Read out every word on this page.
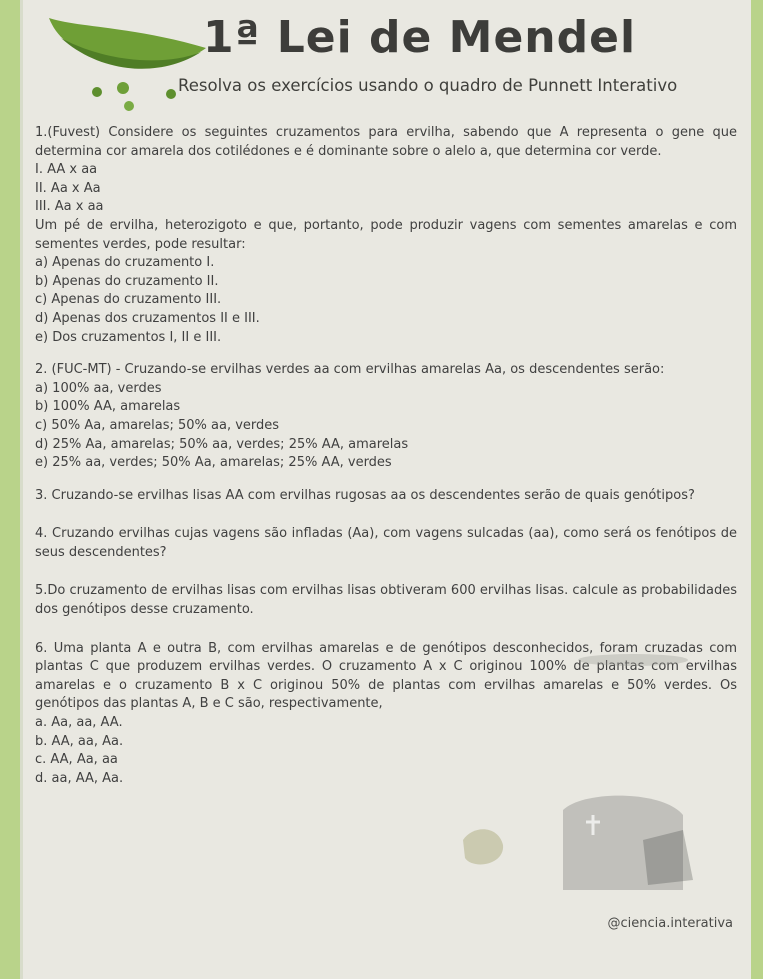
1ª Lei de Mendel
Resolva os exercícios usando o quadro de Punnett Interativo

1.(Fuvest) Considere os seguintes cruzamentos para ervilha, sabendo que A representa o gene que determina cor amarela dos cotilédones e é dominante sobre o alelo a, que determina cor verde.

I. AA x aa

II. Aa x Aa

III. Aa x aa

Um pé de ervilha, heterozigoto e que, portanto, pode produzir vagens com sementes amarelas e com sementes verdes, pode resultar:

a) Apenas do cruzamento I.

b) Apenas do cruzamento II.

c) Apenas do cruzamento III.

d) Apenas dos cruzamentos II e III.

e) Dos cruzamentos I, II e III.

2. (FUC-MT) - Cruzando-se ervilhas verdes aa com ervilhas amarelas Aa, os descendentes serão:

a) 100% aa, verdes

b) 100% AA, amarelas

c) 50% Aa, amarelas; 50% aa, verdes

d) 25% Aa, amarelas; 50% aa, verdes; 25% AA, amarelas

e) 25% aa, verdes; 50% Aa, amarelas; 25% AA, verdes

3. Cruzando-se ervilhas lisas AA com ervilhas rugosas aa os descendentes serão de quais genótipos?

4. Cruzando ervilhas cujas vagens são infladas (Aa), com vagens sulcadas (aa), como será os fenótipos de seus descendentes?

5.Do cruzamento de ervilhas lisas com ervilhas lisas obtiveram 600 ervilhas lisas. calcule as probabilidades dos genótipos desse cruzamento.

6. Uma planta A e outra B, com ervilhas amarelas e de genótipos desconhecidos, foram cruzadas com plantas C que produzem ervilhas verdes. O cruzamento A x C originou 100% de plantas com ervilhas amarelas e o cruzamento B x C originou 50% de plantas com ervilhas amarelas e 50% verdes. Os genótipos das plantas A, B e C são, respectivamente,

a. Aa, aa, AA.

b. AA, aa, Aa.

c. AA, Aa, aa

d. aa, AA, Aa.

@ciencia.interativa
